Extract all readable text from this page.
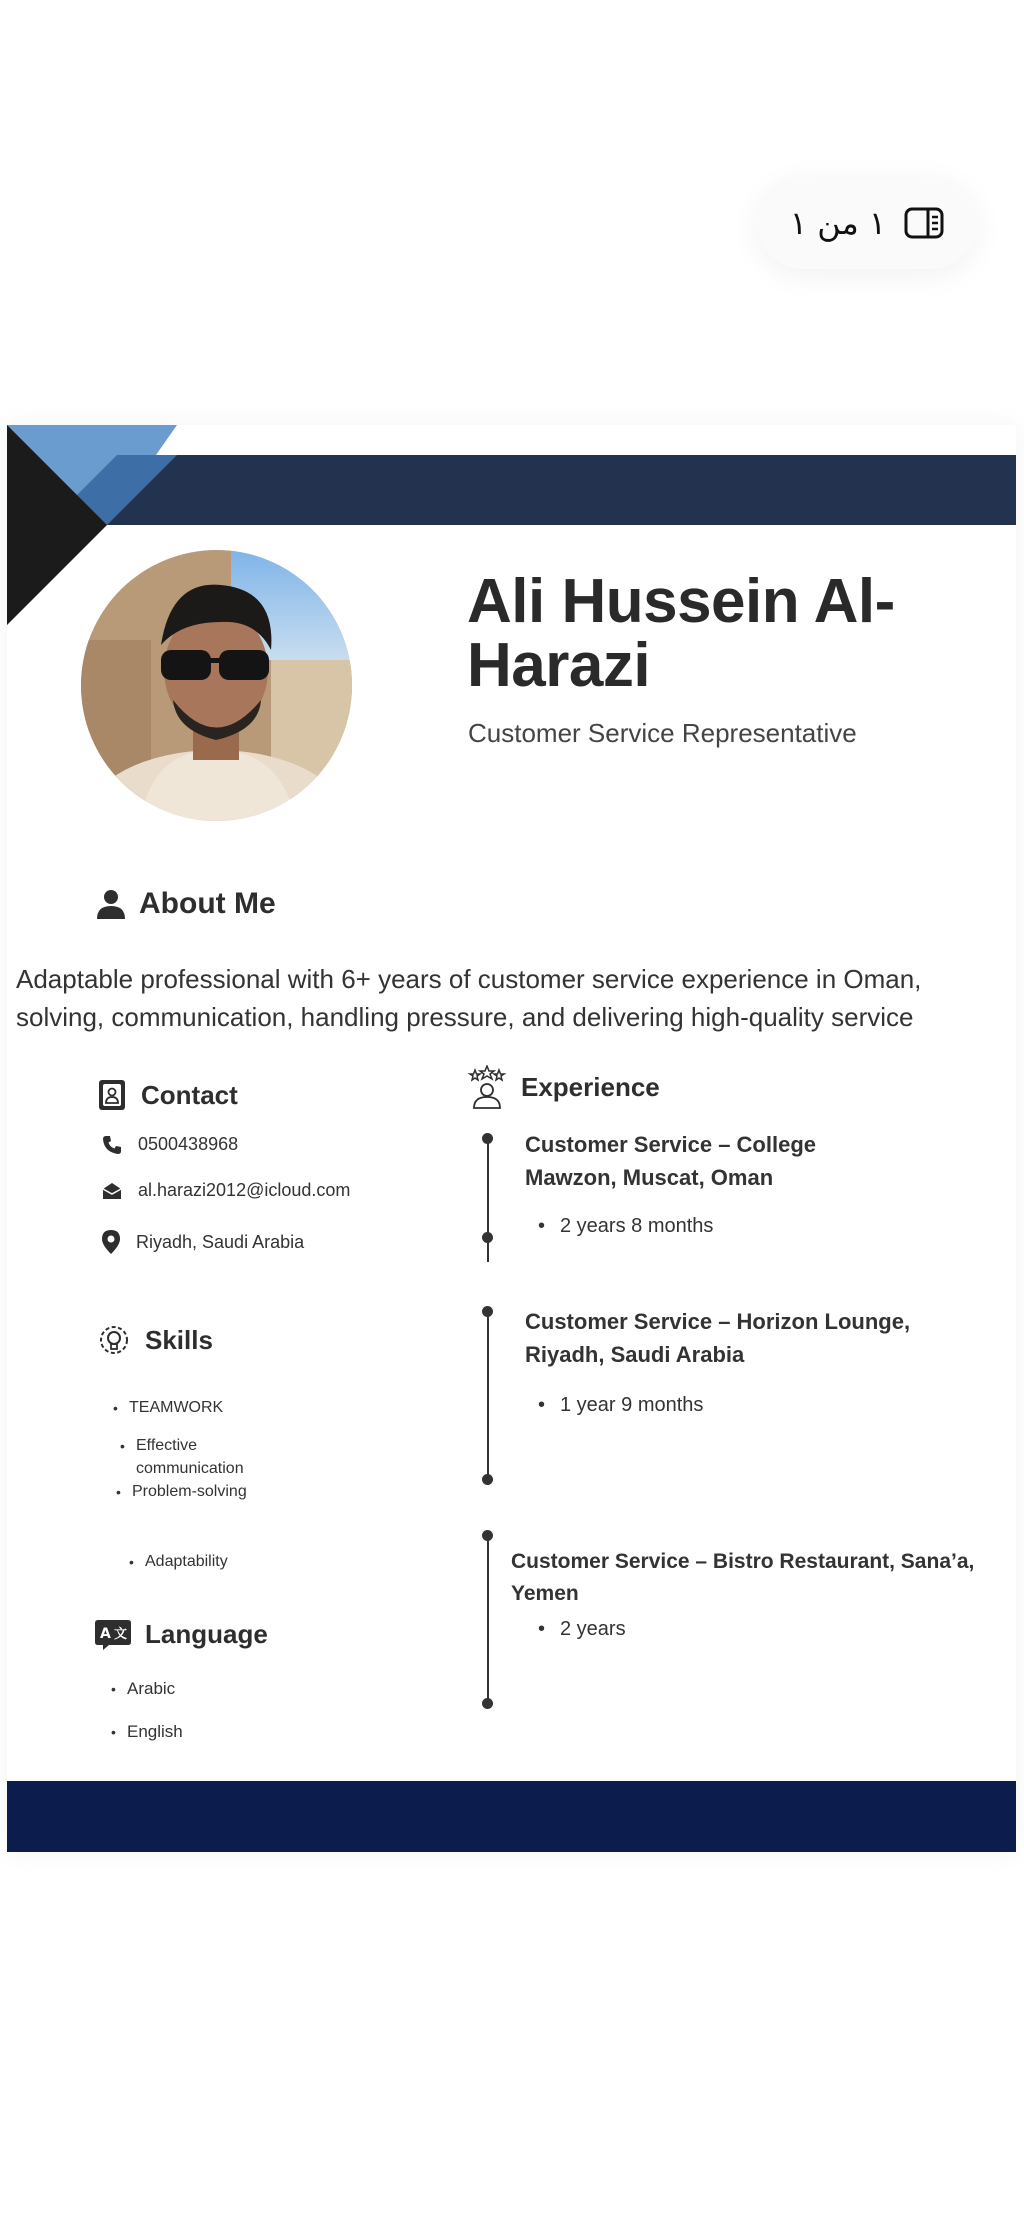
١ من ١
Ali Hussein Al-Harazi
Customer Service Representative
About Me
Adaptable professional with 6+ years of customer service experience in Oman,
solving, communication, handling pressure, and delivering high-quality service
Contact
0500438968
al.harazi2012@icloud.com
Riyadh, Saudi Arabia
Skills
• TEAMWORK
• Effective
communication
• Problem-solving
• Adaptability
A 文 Language
• Arabic
• English
Experience
Customer Service – College
Mawzon, Muscat, Oman
• 2 years 8 months
Customer Service – Horizon Lounge,
Riyadh, Saudi Arabia
• 1 year 9 months
Customer Service – Bistro Restaurant, Sana’a,
Yemen
• 2 years
